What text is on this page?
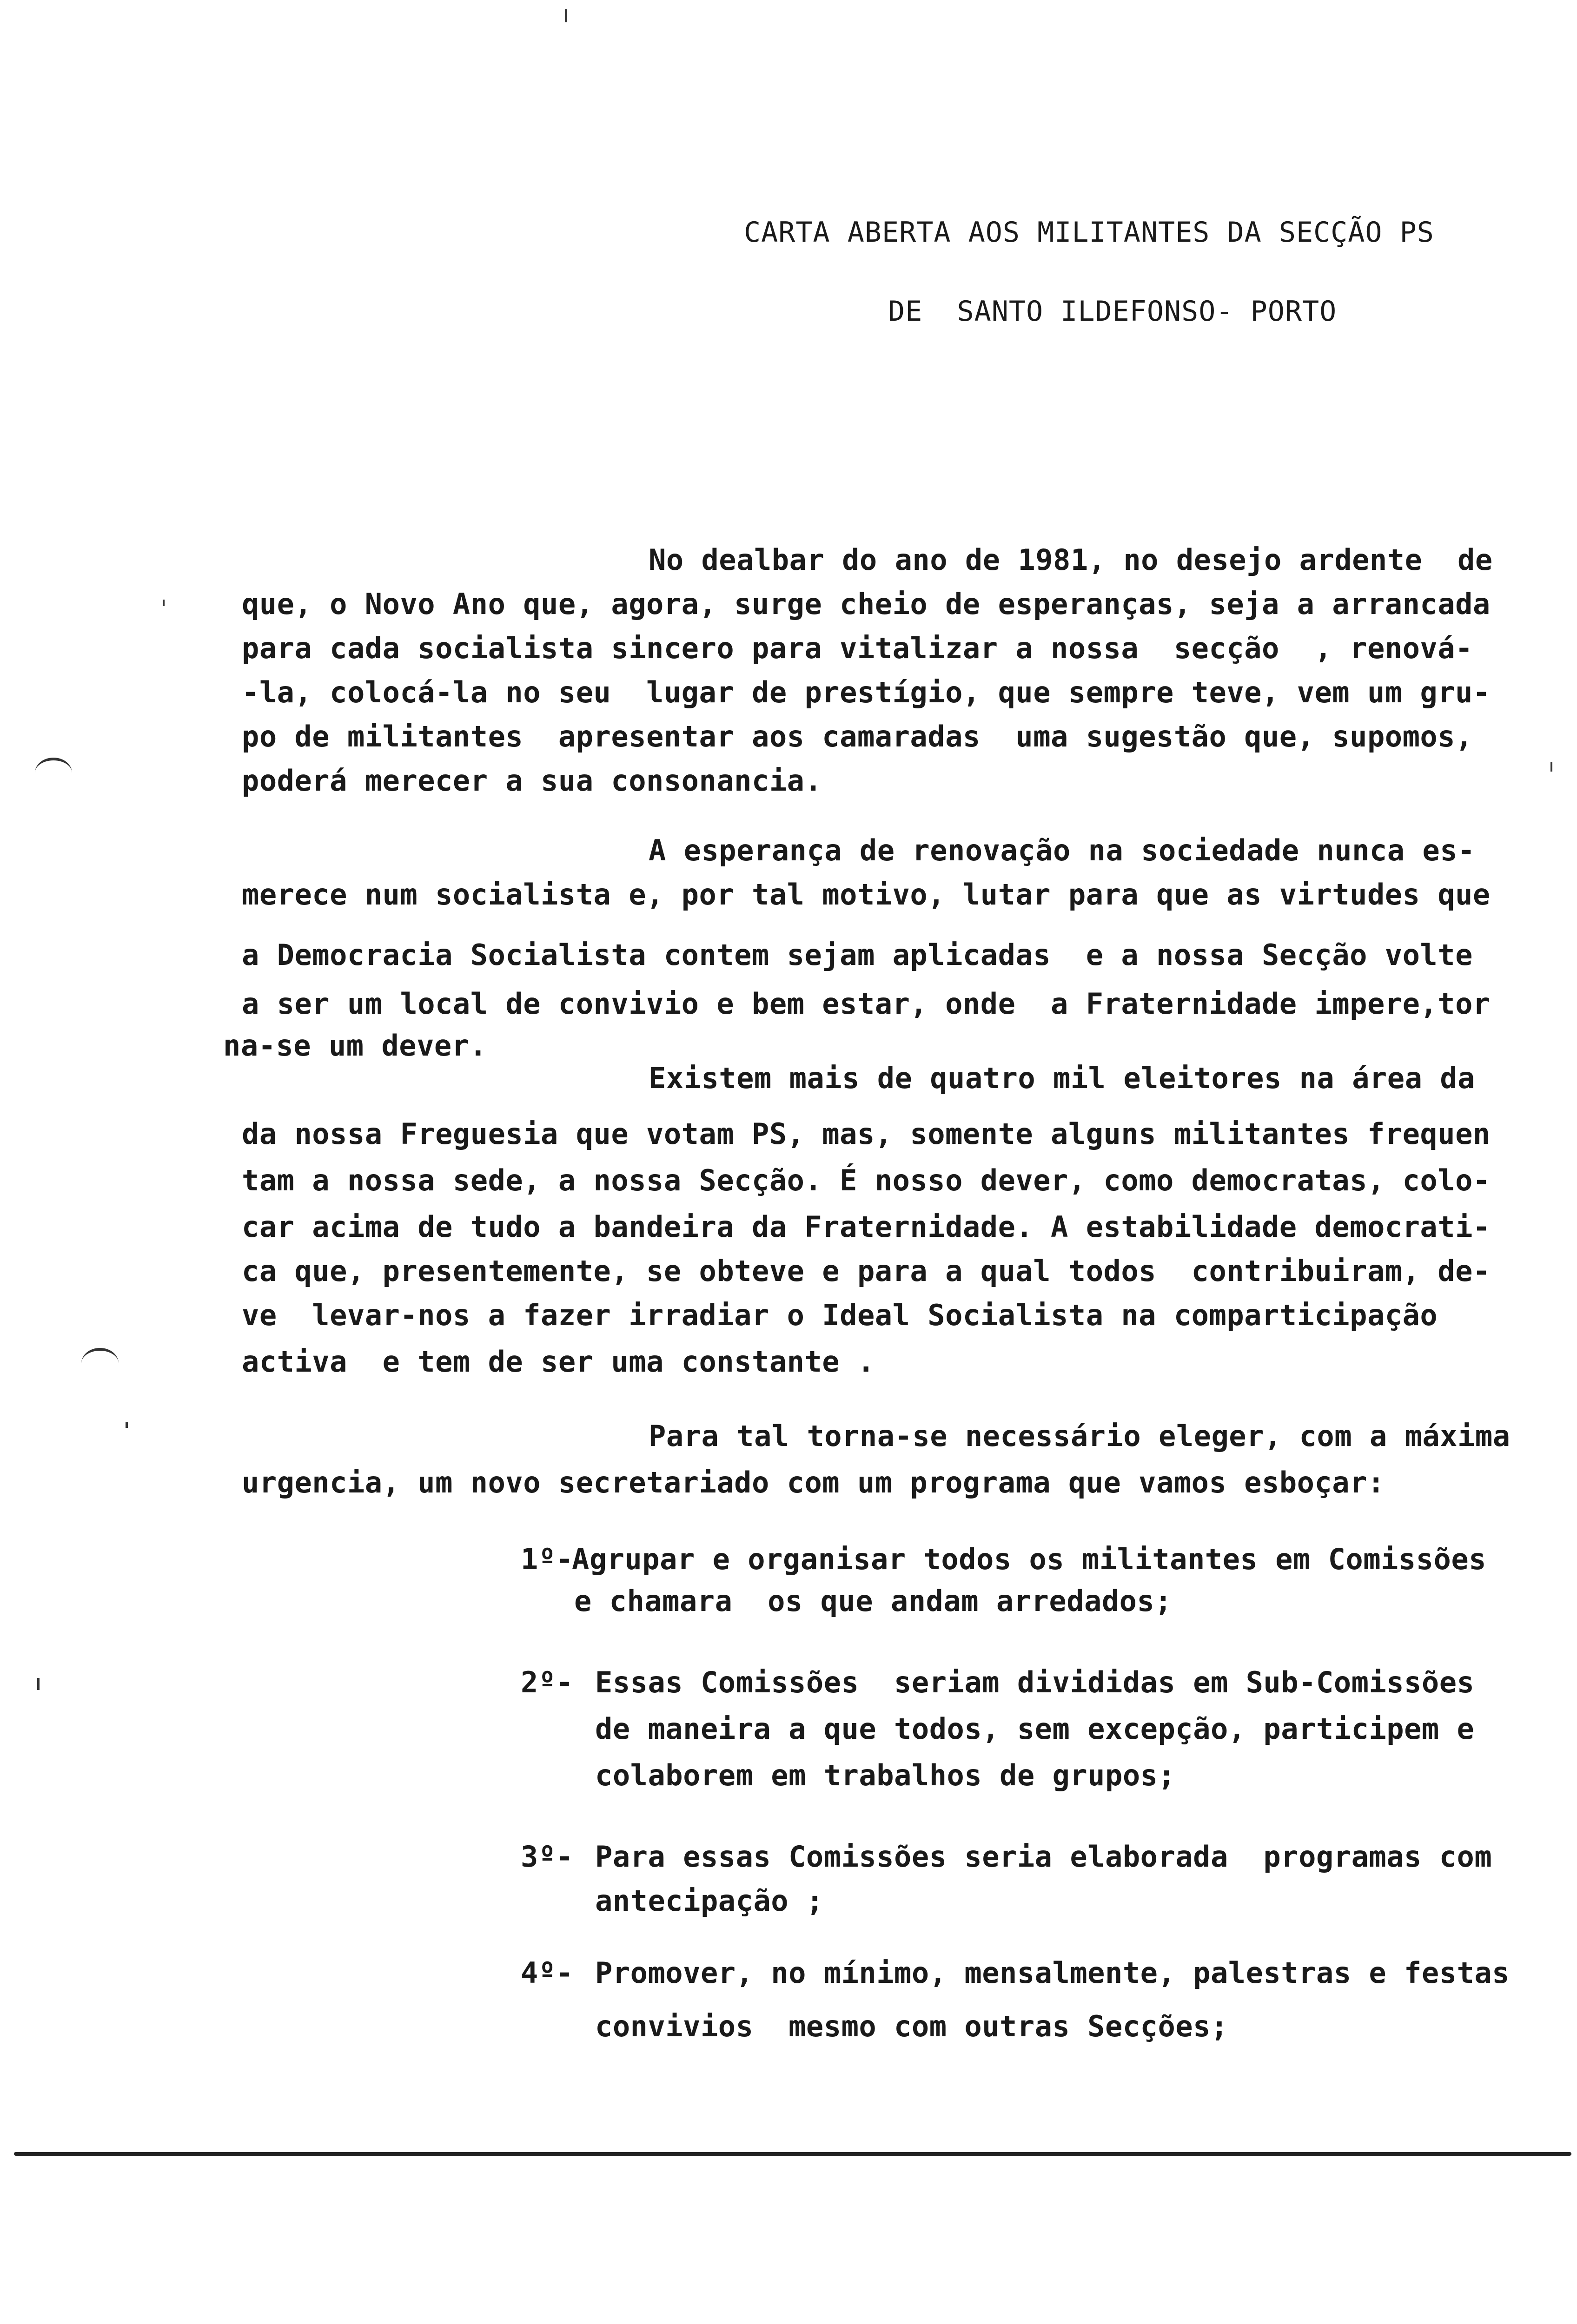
CARTA ABERTA AOS MILITANTES DA SECÇÃO PS
DE  SANTO ILDEFONSO- PORTO
No dealbar do ano de 1981, no desejo ardente  de
que, o Novo Ano que, agora, surge cheio de esperanças, seja a arrancada
para cada socialista sincero para vitalizar a nossa  secção  , renová-
-la, colocá-la no seu  lugar de prestígio, que sempre teve, vem um gru-
po de militantes  apresentar aos camaradas  uma sugestão que, supomos,
poderá merecer a sua consonancia.
A esperança de renovação na sociedade nunca es-
merece num socialista e, por tal motivo, lutar para que as virtudes que
a Democracia Socialista contem sejam aplicadas  e a nossa Secção volte
a ser um local de convivio e bem estar, onde  a Fraternidade impere,tor
na-se um dever.
Existem mais de quatro mil eleitores na área da
da nossa Freguesia que votam PS, mas, somente alguns militantes frequen
tam a nossa sede, a nossa Secção. É nosso dever, como democratas, colo-
car acima de tudo a bandeira da Fraternidade. A estabilidade democrati-
ca que, presentemente, se obteve e para a qual todos  contribuiram, de-
ve  levar-nos a fazer irradiar o Ideal Socialista na comparticipação
activa  e tem de ser uma constante .
Para tal torna-se necessário eleger, com a máxima
urgencia, um novo secretariado com um programa que vamos esboçar:
1º-
Agrupar e organisar todos os militantes em Comissões
e chamara  os que andam arredados;
2º- Essas Comissões  seriam divididas em Sub-Comissões
de maneira a que todos, sem excepção, participem e
colaborem em trabalhos de grupos;
3º- Para essas Comissões seria elaborada  programas com
antecipação ;
4º- Promover, no mínimo, mensalmente, palestras e festas
convivios  mesmo com outras Secções;
